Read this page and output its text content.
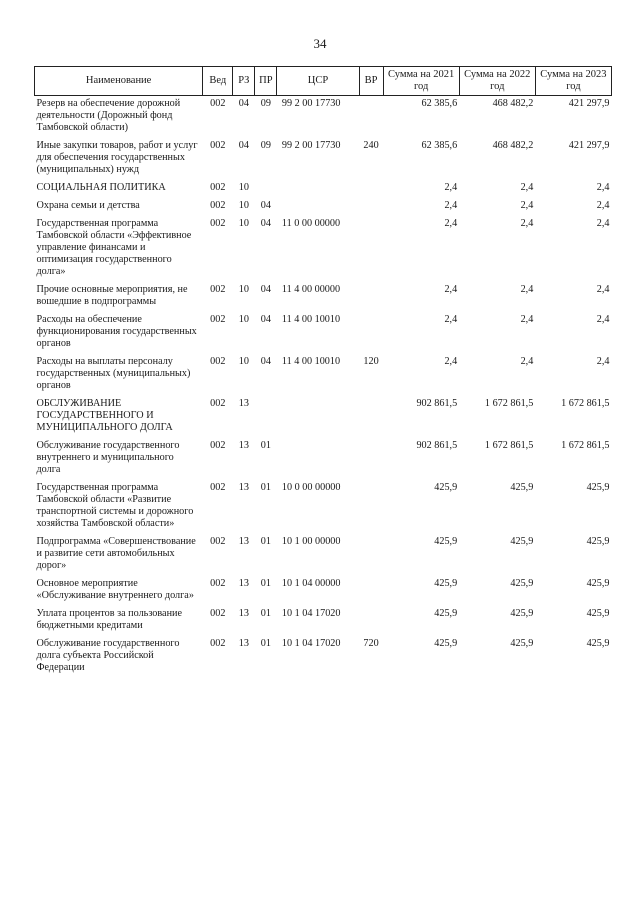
34
Наименование	Вед	РЗ	ПР	ЦСР	ВР	Сумма на 2021 год	Сумма на 2022 год	Сумма на 2023 год
Резерв на обеспечение дорожной деятельности (Дорожный фонд Тамбовской области)	002	04	09	99 2 00 17730		62 385,6	468 482,2	421 297,9
Иные закупки товаров, работ и услуг для обеспечения государственных (муниципальных) нужд	002	04	09	99 2 00 17730	240	62 385,6	468 482,2	421 297,9
СОЦИАЛЬНАЯ ПОЛИТИКА	002	10				2,4	2,4	2,4
Охрана семьи и детства	002	10	04			2,4	2,4	2,4
Государственная программа Тамбовской области «Эффективное управление финансами и оптимизация государственного долга»	002	10	04	11 0 00 00000		2,4	2,4	2,4
Прочие основные мероприятия, не вошедшие в подпрограммы	002	10	04	11 4 00 00000		2,4	2,4	2,4
Расходы на обеспечение функционирования государственных органов	002	10	04	11 4 00 10010		2,4	2,4	2,4
Расходы на выплаты персоналу государственных (муниципальных) органов	002	10	04	11 4 00 10010	120	2,4	2,4	2,4
ОБСЛУЖИВАНИЕ ГОСУДАРСТВЕННОГО И МУНИЦИПАЛЬНОГО ДОЛГА	002	13				902 861,5	1 672 861,5	1 672 861,5
Обслуживание государственного внутреннего и муниципального долга	002	13	01			902 861,5	1 672 861,5	1 672 861,5
Государственная программа Тамбовской области «Развитие транспортной системы и дорожного хозяйства Тамбовской области»	002	13	01	10 0 00 00000		425,9	425,9	425,9
Подпрограмма «Совершенствование и развитие сети автомобильных дорог»	002	13	01	10 1 00 00000		425,9	425,9	425,9
Основное мероприятие «Обслуживание внутреннего долга»	002	13	01	10 1 04 00000		425,9	425,9	425,9
Уплата процентов за пользование бюджетными кредитами	002	13	01	10 1 04 17020		425,9	425,9	425,9
Обслуживание государственного долга субъекта Российской Федерации	002	13	01	10 1 04 17020	720	425,9	425,9	425,9
